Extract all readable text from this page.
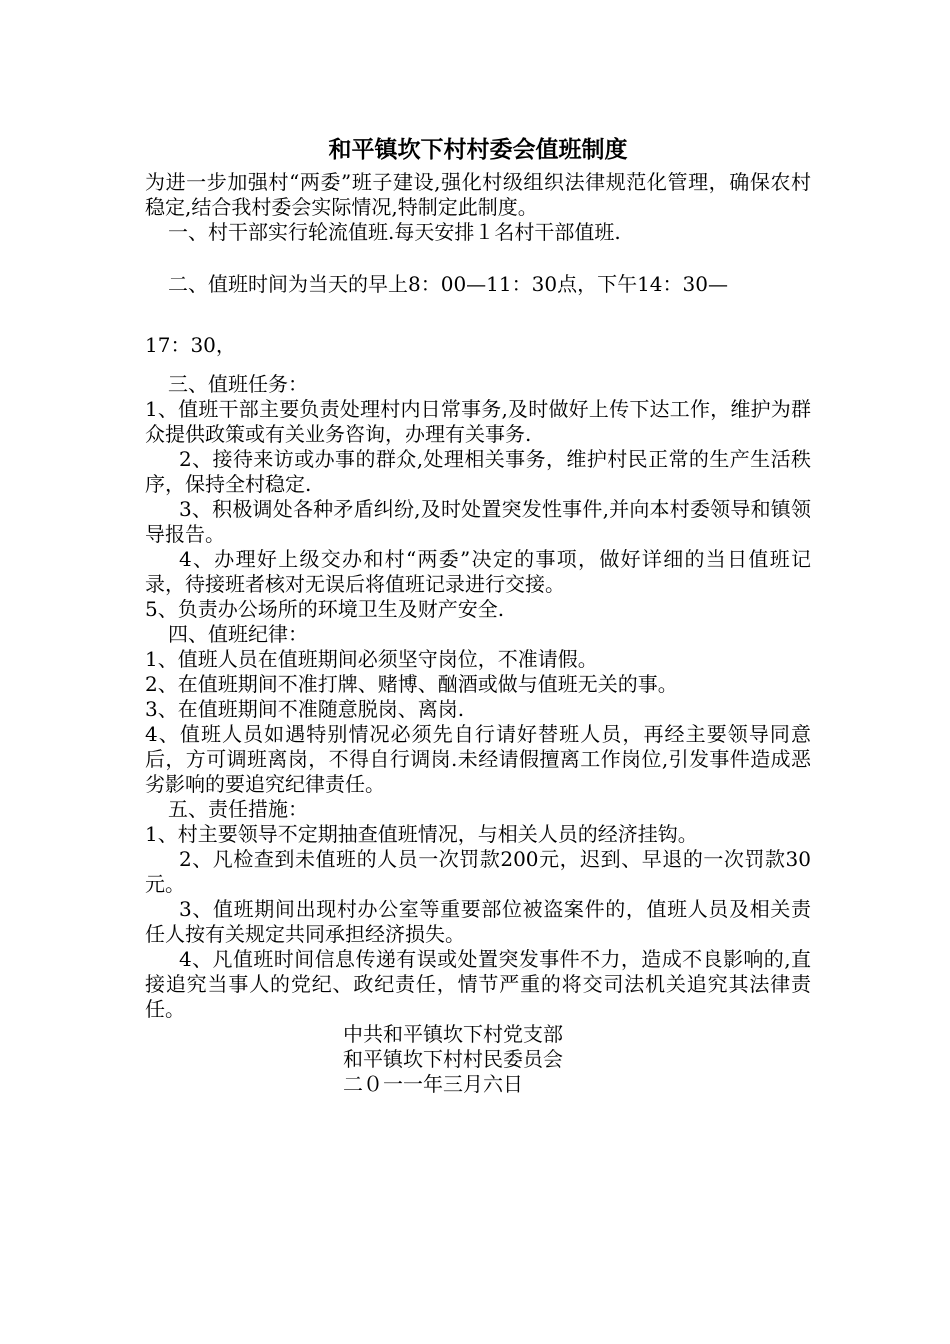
和平镇坎下村村委会值班制度

为进一步加强村“两委”班子建设,强化村级组织法律规范化管理，确保农村稳定,结合我村委会实际情况,特制定此制度。

一、村干部实行轮流值班.每天安排１名村干部值班.

二、值班时间为当天的早上8：00—11：30点，下午14：30—

17：30，

三、值班任务：

1、值班干部主要负责处理村内日常事务,及时做好上传下达工作，维护为群众提供政策或有关业务咨询，办理有关事务.

2、接待来访或办事的群众,处理相关事务，维护村民正常的生产生活秩序，保持全村稳定.

3、积极调处各种矛盾纠纷,及时处置突发性事件,并向本村委领导和镇领导报告。

4、办理好上级交办和村“两委”决定的事项，做好详细的当日值班记录，待接班者核对无误后将值班记录进行交接。

5、负责办公场所的环境卫生及财产安全.

四、值班纪律：

1、值班人员在值班期间必须坚守岗位，不准请假。

2、在值班期间不准打牌、赌博、酗酒或做与值班无关的事。

3、在值班期间不准随意脱岗、离岗.

4、值班人员如遇特别情况必须先自行请好替班人员，再经主要领导同意后，方可调班离岗，不得自行调岗.未经请假擅离工作岗位,引发事件造成恶劣影响的要追究纪律责任。

五、责任措施：

1、村主要领导不定期抽查值班情况，与相关人员的经济挂钩。

2、凡检查到未值班的人员一次罚款200元，迟到、早退的一次罚款30元。

3、值班期间出现村办公室等重要部位被盗案件的，值班人员及相关责任人按有关规定共同承担经济损失。

4、凡值班时间信息传递有误或处置突发事件不力，造成不良影响的,直接追究当事人的党纪、政纪责任，情节严重的将交司法机关追究其法律责任。

中共和平镇坎下村党支部
和平镇坎下村村民委员会
二０一一年三月六日
